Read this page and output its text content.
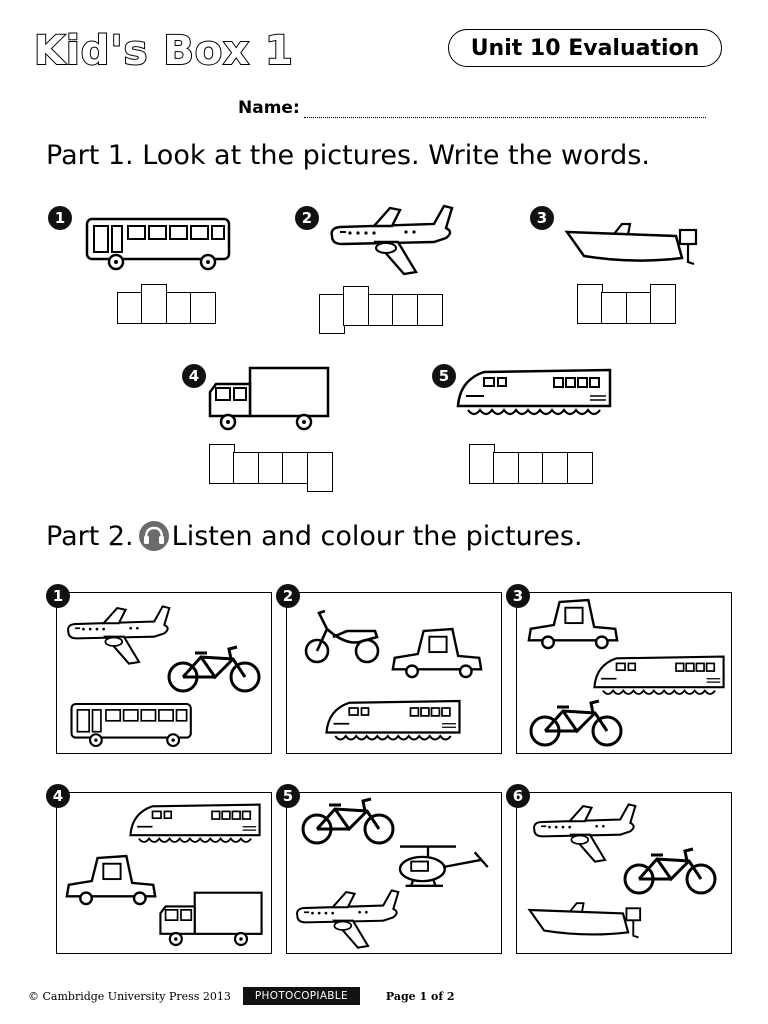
Kid's Box 1	Unit 10 Evaluation
Name:
Part 1. Look at the pictures. Write the words.
1	2	3
4	5
Part 2. Listen and colour the pictures.
1	2	3
4	5	6
© Cambridge University Press 2013	PHOTOCOPIABLE	Page 1 of 2
